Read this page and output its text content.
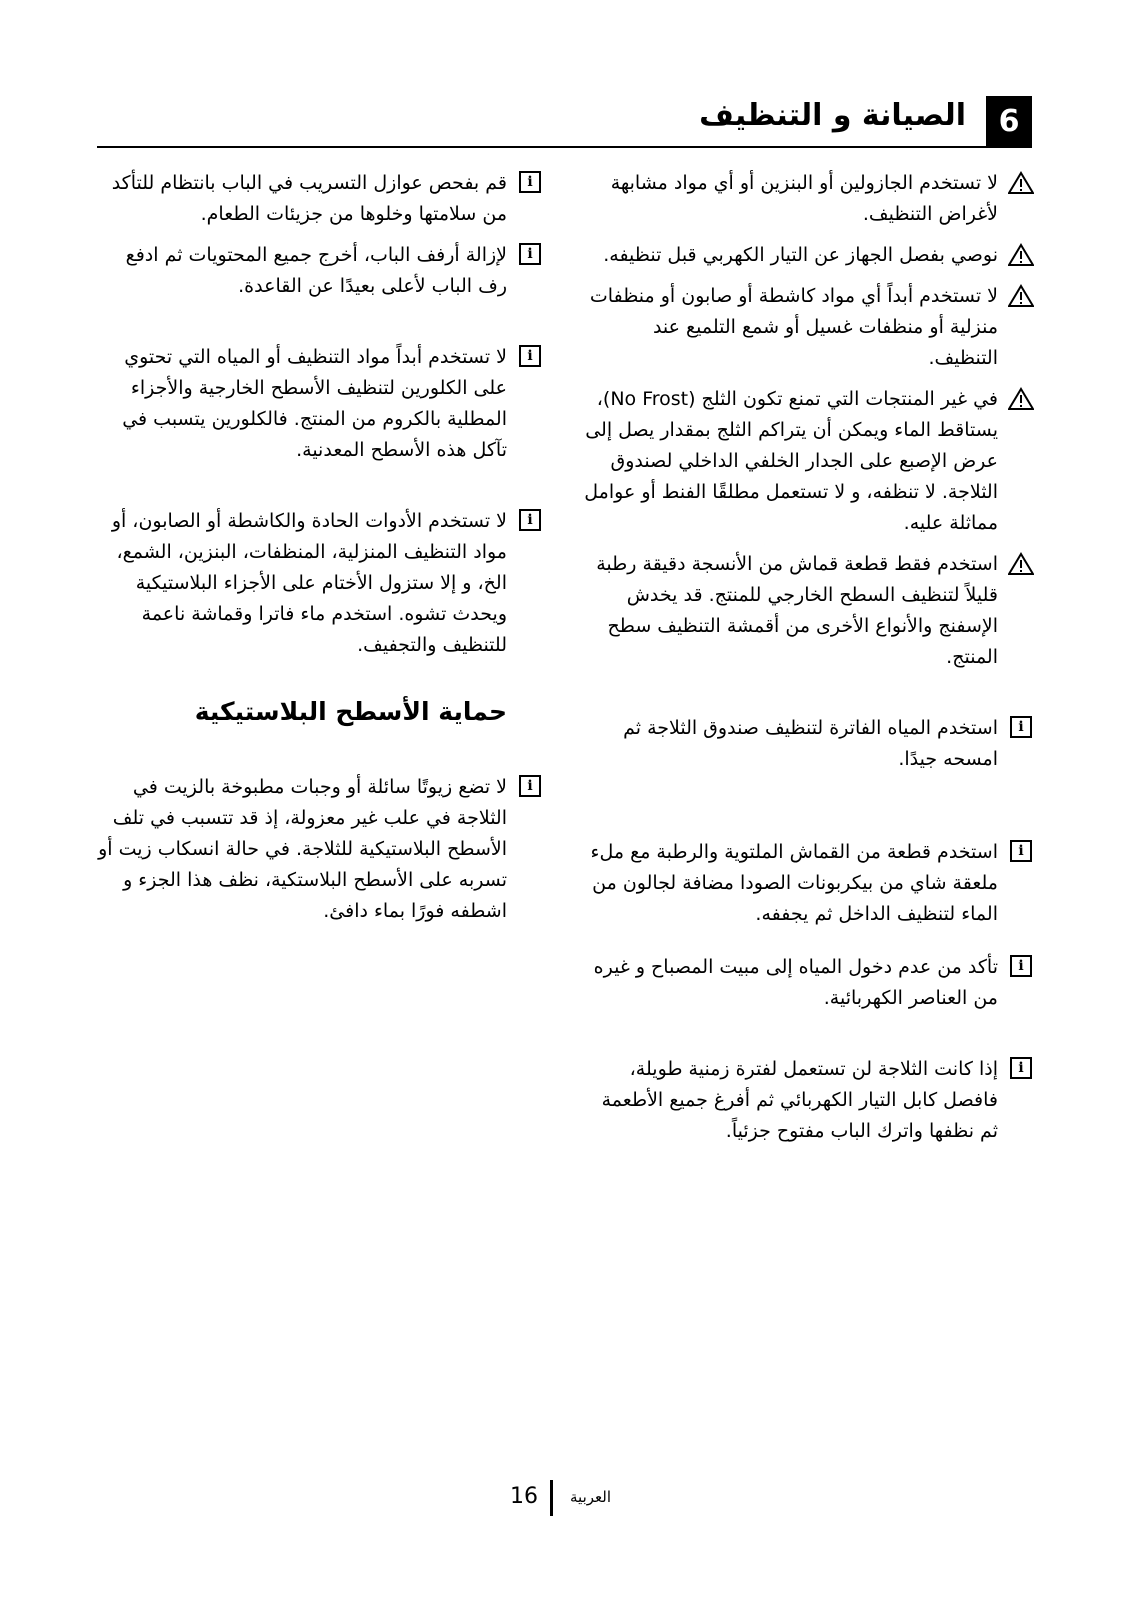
6
الصيانة و التنظيف
لا تستخدم الجازولين أو البنزين أو أي مواد مشابهة لأغراض التنظيف.
نوصي بفصل الجهاز عن التيار الكهربي قبل تنظيفه.
لا تستخدم أبداً أي مواد كاشطة أو صابون أو منظفات منزلية أو منظفات غسيل أو شمع التلميع عند التنظيف.
في غير المنتجات التي تمنع تكون الثلج (No Frost)، يستاقط الماء ويمكن أن يتراكم الثلج بمقدار يصل إلى عرض الإصبع على الجدار الخلفي الداخلي لصندوق الثلاجة. لا تنظفه، و لا تستعمل مطلقًا الفنط أو عوامل مماثلة عليه.
استخدم فقط قطعة قماش من الأنسجة دقيقة رطبة قليلاً لتنظيف السطح الخارجي للمنتج. قد يخدش الإسفنج والأنواع الأخرى من أقمشة التنظيف سطح المنتج.
i
استخدم المياه الفاترة لتنظيف صندوق الثلاجة ثم امسحه جيدًا.
i
استخدم قطعة من القماش الملتوية والرطبة مع ملء ملعقة شاي من بيكربونات الصودا مضافة لجالون من الماء لتنظيف الداخل ثم يجففه.
i
تأكد من عدم دخول المياه إلى مبيت المصباح و غيره من العناصر الكهربائية.
i
إذا كانت الثلاجة لن تستعمل لفترة زمنية طويلة، فافصل كابل التيار الكهربائي ثم أفرغ جميع الأطعمة ثم نظفها واترك الباب مفتوح جزئياً.
i
قم بفحص عوازل التسريب في الباب بانتظام للتأكد من سلامتها وخلوها من جزيئات الطعام.
i
لإزالة أرفف الباب، أخرج جميع المحتويات ثم ادفع رف الباب لأعلى بعيدًا عن القاعدة.
i
لا تستخدم أبداً مواد التنظيف أو المياه التي تحتوي على الكلورين لتنظيف الأسطح الخارجية والأجزاء المطلية بالكروم من المنتج. فالكلورين يتسبب في تآكل هذه الأسطح المعدنية.
i
لا تستخدم الأدوات الحادة والكاشطة أو الصابون، أو مواد التنظيف المنزلية، المنظفات، البنزين، الشمع، الخ، و إلا ستزول الأختام على الأجزاء البلاستيكية ويحدث تشوه. استخدم ماء فاترا وقماشة ناعمة للتنظيف والتجفيف.
حماية الأسطح البلاستيكية
i
لا تضع زيوتًا سائلة أو وجبات مطبوخة بالزيت في الثلاجة في علب غير معزولة، إذ قد تتسبب في تلف الأسطح البلاستيكية للثلاجة. في حالة انسكاب زيت أو تسربه على الأسطح البلاستكية، نظف هذا الجزء و اشطفه فورًا بماء دافئ.
16 العربية
